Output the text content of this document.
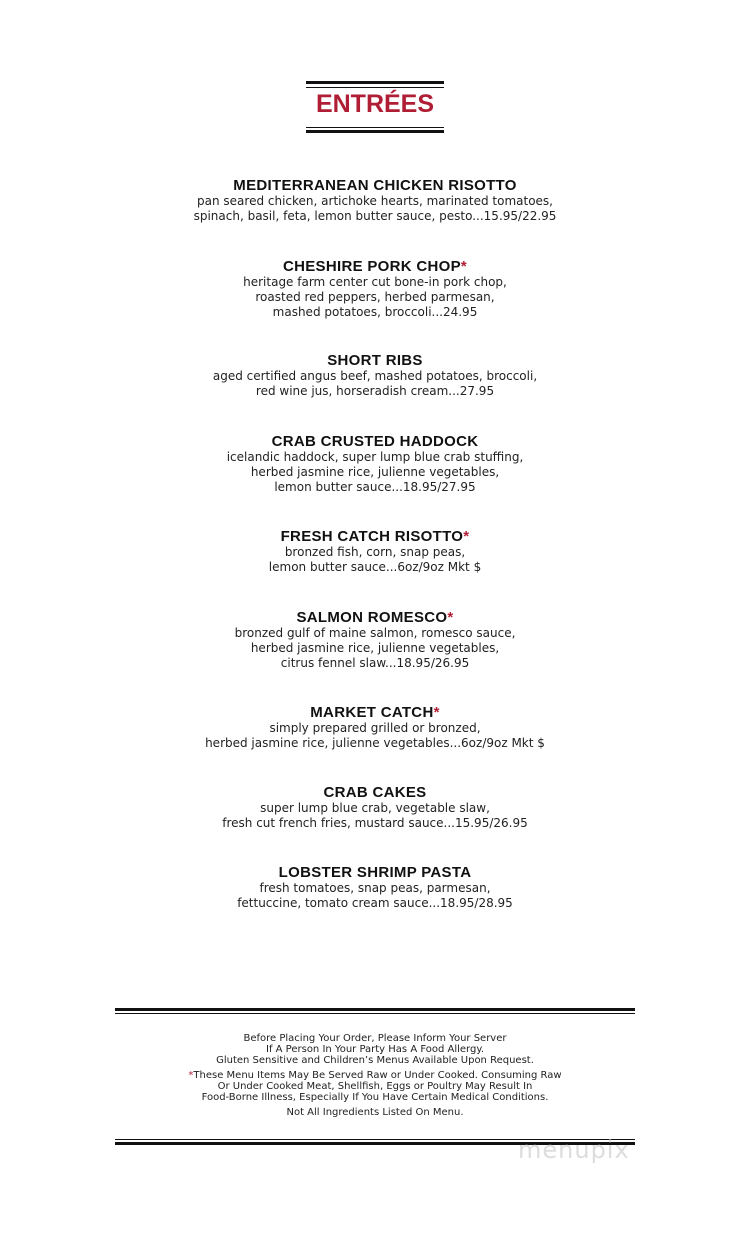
ENTRÉES
MEDITERRANEAN CHICKEN RISOTTO
pan seared chicken, artichoke hearts, marinated tomatoes,
spinach, basil, feta, lemon butter sauce, pesto...15.95/22.95
CHESHIRE PORK CHOP*
heritage farm center cut bone-in pork chop,
roasted red peppers, herbed parmesan,
mashed potatoes, broccoli...24.95
SHORT RIBS
aged certified angus beef, mashed potatoes, broccoli,
red wine jus, horseradish cream...27.95
CRAB CRUSTED HADDOCK
icelandic haddock, super lump blue crab stuffing,
herbed jasmine rice, julienne vegetables,
lemon butter sauce...18.95/27.95
FRESH CATCH RISOTTO*
bronzed fish, corn, snap peas,
lemon butter sauce...6oz/9oz Mkt $
SALMON ROMESCO*
bronzed gulf of maine salmon, romesco sauce,
herbed jasmine rice, julienne vegetables,
citrus fennel slaw...18.95/26.95
MARKET CATCH*
simply prepared grilled or bronzed,
herbed jasmine rice, julienne vegetables...6oz/9oz Mkt $
CRAB CAKES
super lump blue crab, vegetable slaw,
fresh cut french fries, mustard sauce...15.95/26.95
LOBSTER SHRIMP PASTA
fresh tomatoes, snap peas, parmesan,
fettuccine, tomato cream sauce...18.95/28.95

Before Placing Your Order, Please Inform Your Server
If A Person In Your Party Has A Food Allergy.
Gluten Sensitive and Children’s Menus Available Upon Request.

*These Menu Items May Be Served Raw or Under Cooked. Consuming Raw
Or Under Cooked Meat, Shellfish, Eggs or Poultry May Result In
Food-Borne Illness, Especially If You Have Certain Medical Conditions.

Not All Ingredients Listed On Menu.

menupix
